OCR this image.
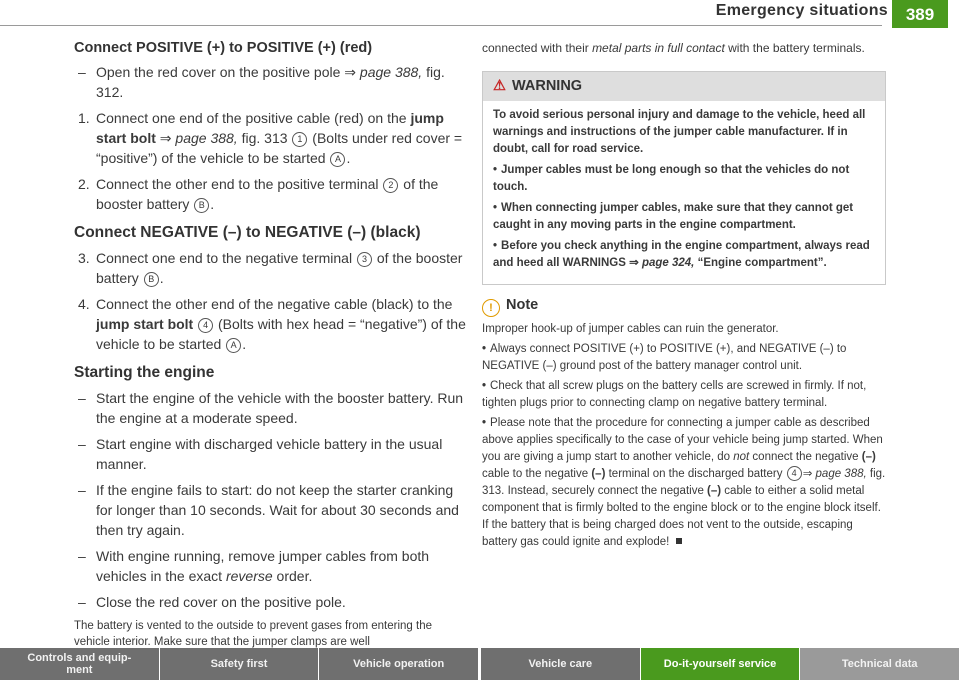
Emergency situations	389
Connect POSITIVE (+) to POSITIVE (+) (red)
– Open the red cover on the positive pole ⇒ page 388, fig. 312.
1. Connect one end of the positive cable (red) on the jump start bolt ⇒ page 388, fig. 313 1 (Bolts under red cover = “positive”) of the vehicle to be started A .
2. Connect the other end to the positive terminal 2 of the booster battery B .
Connect NEGATIVE (–) to NEGATIVE (–) (black)
3. Connect one end to the negative terminal 3 of the booster battery B .
4. Connect the other end of the negative cable (black) to the jump start bolt 4 (Bolts with hex head = “negative”) of the vehicle to be started A .
Starting the engine
– Start the engine of the vehicle with the booster battery. Run the engine at a moderate speed.
– Start engine with discharged vehicle battery in the usual manner.
– If the engine fails to start: do not keep the starter cranking for longer than 10 seconds. Wait for about 30 seconds and then try again.
– With engine running, remove jumper cables from both vehicles in the exact reverse order.
– Close the red cover on the positive pole.
The battery is vented to the outside to prevent gases from entering the vehicle interior. Make sure that the jumper clamps are well
connected with their metal parts in full contact with the battery terminals.
⚠ WARNING

To avoid serious personal injury and damage to the vehicle, heed all warnings and instructions of the jumper cable manufacturer. If in doubt, call for road service.

• Jumper cables must be long enough so that the vehicles do not touch.

• When connecting jumper cables, make sure that they cannot get caught in any moving parts in the engine compartment.

• Before you check anything in the engine compartment, always read and heed all WARNINGS ⇒ page 324, “Engine compartment”.

! Note

Improper hook-up of jumper cables can ruin the generator.

• Always connect POSITIVE (+) to POSITIVE (+), and NEGATIVE (–) to NEGATIVE (–) ground post of the battery manager control unit.

• Check that all screw plugs on the battery cells are screwed in firmly. If not, tighten plugs prior to connecting clamp on negative battery terminal.

• Please note that the procedure for connecting a jumper cable as described above applies specifically to the case of your vehicle being jump started. When you are giving a jump start to another vehicle, do not connect the negative (–) cable to the negative (–) terminal on the discharged battery 4 ⇒ page 388, fig. 313. Instead, securely connect the negative (–) cable to either a solid metal component that is firmly bolted to the engine block or to the engine block itself. If the battery that is being charged does not vent to the outside, escaping battery gas could ignite and explode!

Controls and equip-
ment	Safety first	Vehicle operation	Vehicle care	Do-it-yourself service	Technical data
